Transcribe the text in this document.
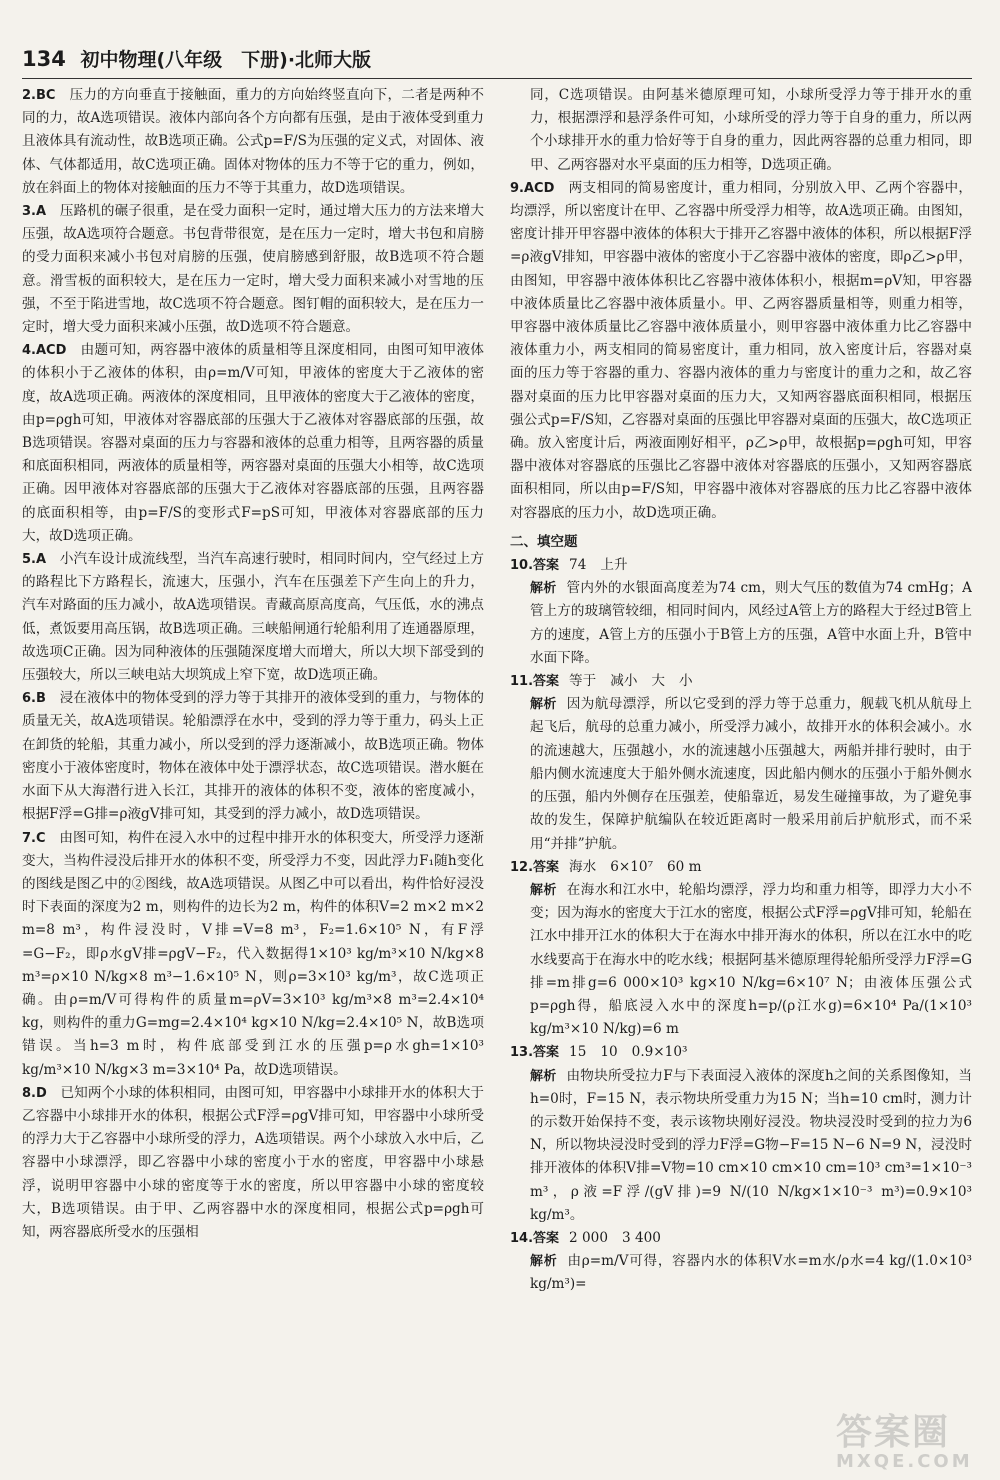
134 初中物理(八年级　下册)·北师大版
2.BC　 压力的方向垂直于接触面，重力的方向始终竖直向下，二者是两种不同的力，故A选项错误。液体内部向各个方向都有压强，是由于液体受到重力且液体具有流动性，故B选项正确。公式p=F/S为压强的定义式，对固体、液体、气体都适用，故C选项正确。固体对物体的压力不等于它的重力，例如，放在斜面上的物体对接触面的压力不等于其重力，故D选项错误。
3.A　 压路机的碾子很重，是在受力面积一定时，通过增大压力的方法来增大压强，故A选项符合题意。书包背带很宽，是在压力一定时，增大书包和肩膀的受力面积来减小书包对肩膀的压强，使肩膀感到舒服，故B选项不符合题意。滑雪板的面积较大，是在压力一定时，增大受力面积来减小对雪地的压强，不至于陷进雪地，故C选项不符合题意。图钉帽的面积较大，是在压力一定时，增大受力面积来减小压强，故D选项不符合题意。
4.ACD　 由题可知，两容器中液体的质量相等且深度相同，由图可知甲液体的体积小于乙液体的体积，由ρ=m/V可知，甲液体的密度大于乙液体的密度，故A选项正确。两液体的深度相同，且甲液体的密度大于乙液体的密度，由p=ρgh可知，甲液体对容器底部的压强大于乙液体对容器底部的压强，故B选项错误。容器对桌面的压力与容器和液体的总重力相等，且两容器的质量和底面积相同，两液体的质量相等，两容器对桌面的压强大小相等，故C选项正确。因甲液体对容器底部的压强大于乙液体对容器底部的压强，且两容器的底面积相等，由p=F/S的变形式F=pS可知，甲液体对容器底部的压力大，故D选项正确。
5.A　 小汽车设计成流线型，当汽车高速行驶时，相同时间内，空气经过上方的路程比下方路程长，流速大，压强小，汽车在压强差下产生向上的升力，汽车对路面的压力减小，故A选项错误。青藏高原高度高，气压低，水的沸点低，煮饭要用高压锅，故B选项正确。三峡船闸通行轮船利用了连通器原理，故选项C正确。因为同种液体的压强随深度增大而增大，所以大坝下部受到的压强较大，所以三峡电站大坝筑成上窄下宽，故D选项正确。
6.B　 浸在液体中的物体受到的浮力等于其排开的液体受到的重力，与物体的质量无关，故A选项错误。轮船漂浮在水中，受到的浮力等于重力，码头上正在卸货的轮船，其重力减小，所以受到的浮力逐渐减小，故B选项正确。物体密度小于液体密度时，物体在液体中处于漂浮状态，故C选项错误。潜水艇在水面下从大海潜行进入长江，其排开的液体的体积不变，液体的密度减小，根据F浮=G排=ρ液gV排可知，其受到的浮力减小，故D选项错误。
7.C　 由图可知，构件在浸入水中的过程中排开水的体积变大，所受浮力逐渐变大，当构件浸没后排开水的体积不变，所受浮力不变，因此浮力F₁随h变化的图线是图乙中的②图线，故A选项错误。从图乙中可以看出，构件恰好浸没时下表面的深度为2 m，则构件的边长为2 m，构件的体积V=2 m×2 m×2 m=8 m³，构件浸没时，V排=V=8 m³，F₂=1.6×10⁵ N，有F浮=G−F₂，即ρ水gV排=ρgV−F₂，代入数据得1×10³ kg/m³×10 N/kg×8 m³=ρ×10 N/kg×8 m³−1.6×10⁵ N，则ρ=3×10³ kg/m³，故C选项正确。由ρ=m/V可得构件的质量m=ρV=3×10³ kg/m³×8 m³=2.4×10⁴ kg，则构件的重力G=mg=2.4×10⁴ kg×10 N/kg=2.4×10⁵ N，故B选项错误。当h=3 m时，构件底部受到江水的压强p=ρ水gh=1×10³ kg/m³×10 N/kg×3 m=3×10⁴ Pa，故D选项错误。
8.D　 已知两个小球的体积相同，由图可知，甲容器中小球排开水的体积大于乙容器中小球排开水的体积，根据公式F浮=ρgV排可知，甲容器中小球所受的浮力大于乙容器中小球所受的浮力，A选项错误。两个小球放入水中后，乙容器中小球漂浮，即乙容器中小球的密度小于水的密度，甲容器中小球悬浮，说明甲容器中小球的密度等于水的密度，所以甲容器中小球的密度较大，B选项错误。由于甲、乙两容器中水的深度相同，根据公式p=ρgh可知，两容器底所受水的压强相
同，C选项错误。由阿基米德原理可知，小球所受浮力等于排开水的重力，根据漂浮和悬浮条件可知，小球所受的浮力等于自身的重力，所以两个小球排开水的重力恰好等于自身的重力，因此两容器的总重力相同，即甲、乙两容器对水平桌面的压力相等，D选项正确。
9.ACD　 两支相同的简易密度计，重力相同，分别放入甲、乙两个容器中，均漂浮，所以密度计在甲、乙容器中所受浮力相等，故A选项正确。由图知，密度计排开甲容器中液体的体积大于排开乙容器中液体的体积，所以根据F浮=ρ液gV排知，甲容器中液体的密度小于乙容器中液体的密度，即ρ乙>ρ甲，由图知，甲容器中液体体积比乙容器中液体体积小，根据m=ρV知，甲容器中液体质量比乙容器中液体质量小。甲、乙两容器质量相等，则重力相等，甲容器中液体质量比乙容器中液体质量小，则甲容器中液体重力比乙容器中液体重力小，两支相同的简易密度计，重力相同，放入密度计后，容器对桌面的压力等于容器的重力、容器内液体的重力与密度计的重力之和，故乙容器对桌面的压力比甲容器对桌面的压力大，又知两容器底面积相同，根据压强公式p=F/S知，乙容器对桌面的压强比甲容器对桌面的压强大，故C选项正确。放入密度计后，两液面刚好相平，ρ乙>ρ甲，故根据p=ρgh可知，甲容器中液体对容器底的压强比乙容器中液体对容器底的压强小，又知两容器底面积相同，所以由p=F/S知，甲容器中液体对容器底的压力比乙容器中液体对容器底的压力小，故D选项正确。
二、填空题
10.答案 74 上升
解析 管内外的水银面高度差为74 cm，则大气压的数值为74 cmHg；A管上方的玻璃管较细，相同时间内，风经过A管上方的路程大于经过B管上方的速度，A管上方的压强小于B管上方的压强，A管中水面上升，B管中水面下降。
11.答案 等于 减小 大 小
解析 因为航母漂浮，所以它受到的浮力等于总重力，舰载飞机从航母上起飞后，航母的总重力减小，所受浮力减小，故排开水的体积会减小。水的流速越大，压强越小，水的流速越小压强越大，两船并排行驶时，由于船内侧水流速度大于船外侧水流速度，因此船内侧水的压强小于船外侧水的压强，船内外侧存在压强差，使船靠近，易发生碰撞事故，为了避免事故的发生，保障护航编队在较近距离时一般采用前后护航形式，而不采用“并排”护航。
12.答案 海水 6×10⁷ 60 m
解析 在海水和江水中，轮船均漂浮，浮力均和重力相等，即浮力大小不变；因为海水的密度大于江水的密度，根据公式F浮=ρgV排可知，轮船在江水中排开江水的体积大于在海水中排开海水的体积，所以在江水中的吃水线要高于在海水中的吃水线；根据阿基米德原理得轮船所受浮力F浮=G排=m排g=6 000×10³ kg×10 N/kg=6×10⁷ N；由液体压强公式p=ρgh得，船底浸入水中的深度h=p/(ρ江水g)=6×10⁴ Pa/(1×10³ kg/m³×10 N/kg)=6 m
13.答案 15 10 0.9×10³
解析 由物块所受拉力F与下表面浸入液体的深度h之间的关系图像知，当h=0时，F=15 N，表示物块所受重力为15 N；当h=10 cm时，测力计的示数开始保持不变，表示该物块刚好浸没。物块浸没时受到的拉力为6 N，所以物块浸没时受到的浮力F浮=G物−F=15 N−6 N=9 N，浸没时排开液体的体积V排=V物=10 cm×10 cm×10 cm=10³ cm³=1×10⁻³ m³，ρ液=F浮/(gV排)=9 N/(10 N/kg×1×10⁻³ m³)=0.9×10³ kg/m³。
14.答案 2 000 3 400
解析 由ρ=m/V可得，容器内水的体积V水=m水/ρ水=4 kg/(1.0×10³ kg/m³)=
答案圈
MXQE.COM
